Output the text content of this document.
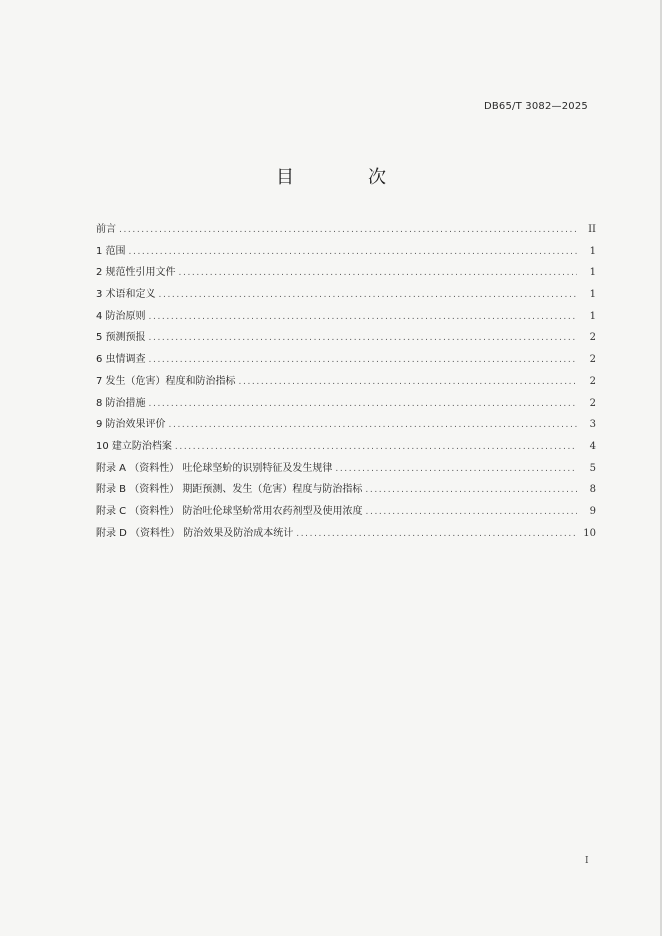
DB65/T 3082—2025
目　次
前言 .....	II
1 范围 .....	1
2 规范性引用文件 .....	1
3 术语和定义 .....	1
4 防治原则 .....	1
5 预测预报 .....	2
6 虫情调查 .....	2
7 发生（危害）程度和防治指标 .....	2
8 防治措施 .....	2
9 防治效果评价 .....	3
10 建立防治档案 .....	4
附录 A （资料性） 吐伦球坚蚧的识别特征及发生规律 .....	5
附录 B （资料性） 期距预测、发生（危害）程度与防治指标 .....	8
附录 C （资料性） 防治吐伦球坚蚧常用农药剂型及使用浓度 .....	9
附录 D （资料性） 防治效果及防治成本统计 .....	10
I
